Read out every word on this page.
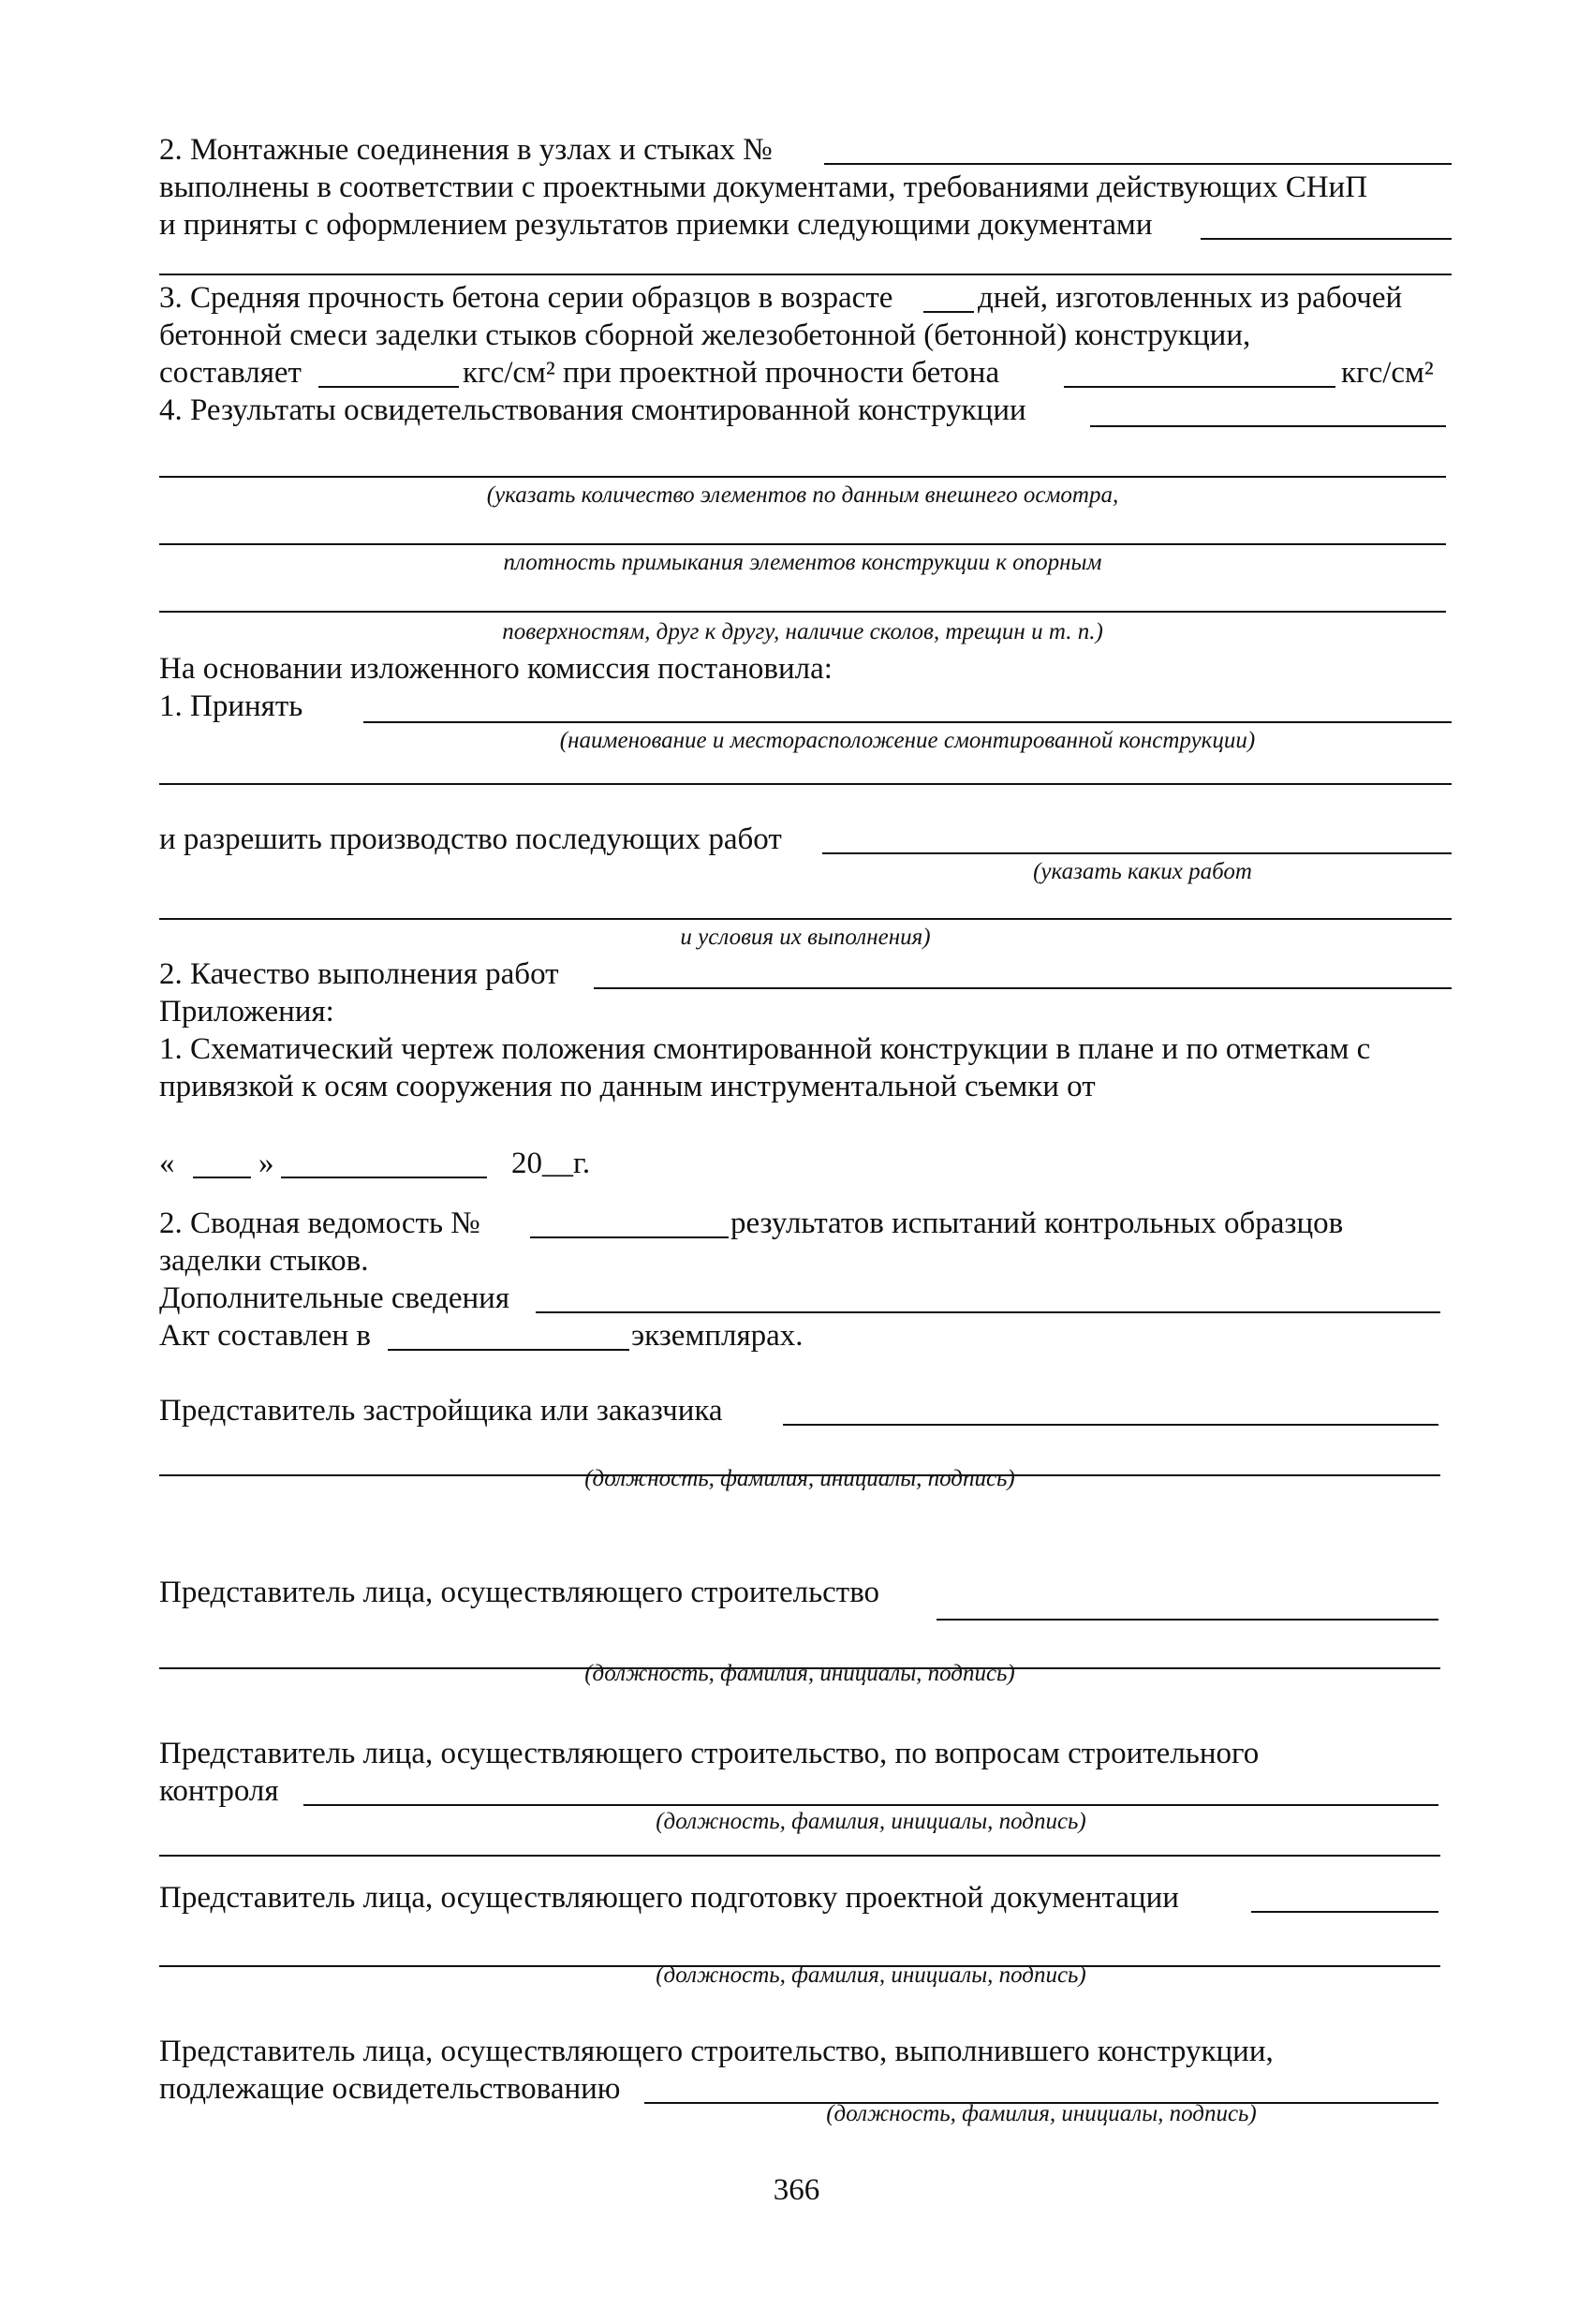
2. Монтажные соединения в узлах и стыках №
выполнены в соответствии с проектными документами, требованиями действующих СНиП
и приняты с оформлением результатов приемки следующими документами
3. Средняя прочность бетона серии образцов в возрасте	дней, изготовленных из рабочей
бетонной смеси заделки стыков сборной железобетонной (бетонной) конструкции,
составляет	кгс/см² при проектной прочности бетона	кгс/см²
4. Результаты освидетельствования смонтированной конструкции
(указать количество элементов по данным внешнего осмотра,
плотность примыкания элементов конструкции к опорным
поверхностям, друг к другу, наличие сколов, трещин и т. п.)
На основании изложенного комиссия постановила:
1. Принять
(наименование и месторасположение смонтированной конструкции)
и разрешить производство последующих работ
(указать каких работ
и условия их выполнения)
2. Качество выполнения работ
Приложения:
1. Схематический чертеж положения смонтированной конструкции в плане и по отметкам с
привязкой к осям сооружения по данным инструментальной съемки от
«	»	20__г.
2. Сводная ведомость №	результатов испытаний контрольных образцов
заделки стыков.
Дополнительные сведения
Акт составлен в	экземплярах.
Представитель застройщика или заказчика
(должность, фамилия, инициалы, подпись)
Представитель лица, осуществляющего строительство
(должность, фамилия, инициалы, подпись)
Представитель лица, осуществляющего строительство, по вопросам строительного
контроля
(должность, фамилия, инициалы, подпись)
Представитель лица, осуществляющего подготовку проектной документации
(должность, фамилия, инициалы, подпись)
Представитель лица, осуществляющего строительство, выполнившего конструкции,
подлежащие освидетельствованию
(должность, фамилия, инициалы, подпись)
366
